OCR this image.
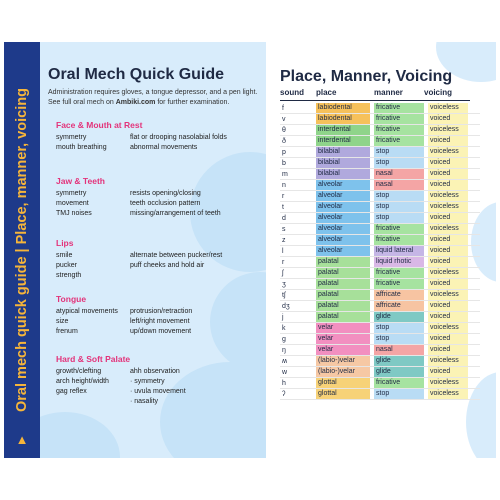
Oral mech quick guide | Place, manner, voicing
▲
Oral Mech Quick Guide
Administration requires gloves, a tongue depressor, and a pen light. See full oral mech on Ambiki.com for further examination.
Face & Mouth at Rest
symmetry	flat or drooping nasolabial folds
mouth breathing	abnormal movements
Jaw & Teeth
symmetry	resists opening/closing
movement	teeth occlusion pattern
TMJ noises	missing/arrangement of teeth
Lips
smile	alternate between pucker/rest
pucker	puff cheeks and hold air
strength
Tongue
atypical movements	protrusion/retraction
size	left/right movement
frenum	up/down movement
Hard & Soft Palate
growth/clefting	ahh observation
arch height/width	· symmetry
gag reflex	· uvula movement
· nasality
Place, Manner, Voicing
sound	place	manner	voicing
f	labiodental	fricative	voiceless
v	labiodental	fricative	voiced
θ	interdental	fricative	voiceless
ð	interdental	fricative	voiced
p	bilabial	stop	voiceless
b	bilabial	stop	voiced
m	bilabial	nasal	voiced
n	alveolar	nasal	voiced
r	alveolar	stop	voiceless
t	alveolar	stop	voiceless
d	alveolar	stop	voiced
s	alveolar	fricative	voiceless
z	alveolar	fricative	voiced
l	alveolar	liquid lateral	voiced
r	palatal	liquid rhotic	voiced
ʃ	palatal	fricative	voiceless
ʒ	palatal	fricative	voiced
tʃ	palatal	affricate	voiceless
dʒ	palatal	affricate	voiced
j	palatal	glide	voiced
k	velar	stop	voiceless
g	velar	stop	voiced
ŋ	velar	nasal	voiced
ʍ	(labio-)velar	glide	voiceless
w	(labio-)velar	glide	voiced
h	glottal	fricative	voiceless
ʔ	glottal	stop	voiceless
